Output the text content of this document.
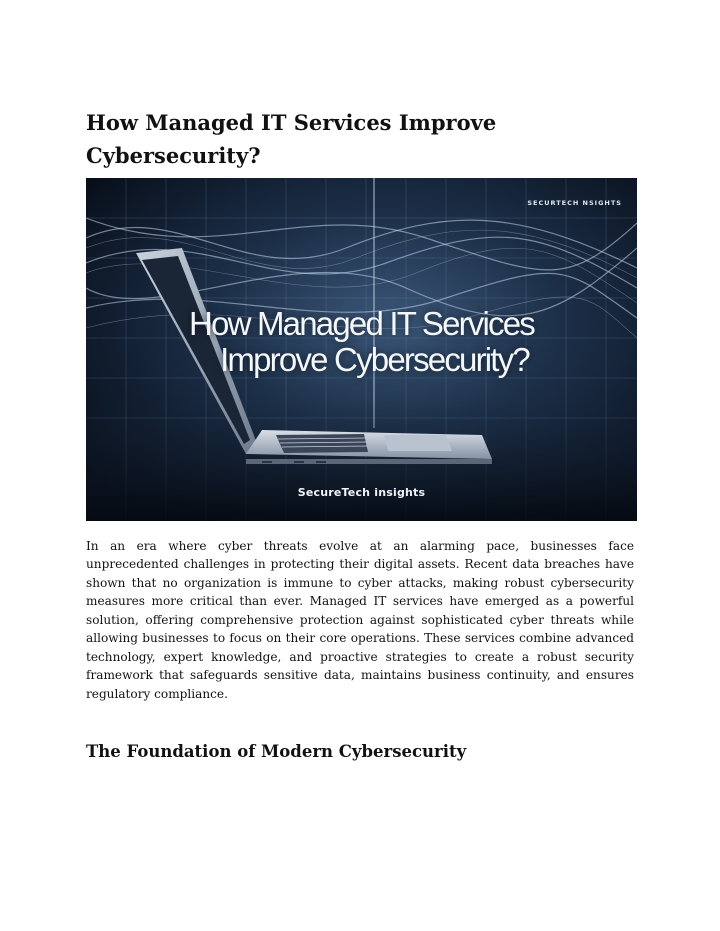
How Managed IT Services Improve
Cybersecurity?
SECURTECH NSIGHTS
How Managed IT Services
Improve Cybersecurity?
SecureTech insights

In an era where cyber threats evolve at an alarming pace, businesses face unprecedented challenges in protecting their digital assets. Recent data breaches have shown that no organization is immune to cyber attacks, making robust cybersecurity measures more critical than ever. Managed IT services have emerged as a powerful solution, offering comprehensive protection against sophisticated cyber threats while allowing businesses to focus on their core operations. These services combine advanced technology, expert knowledge, and proactive strategies to create a robust security framework that safeguards sensitive data, maintains business continuity, and ensures regulatory compliance.

The Foundation of Modern Cybersecurity
